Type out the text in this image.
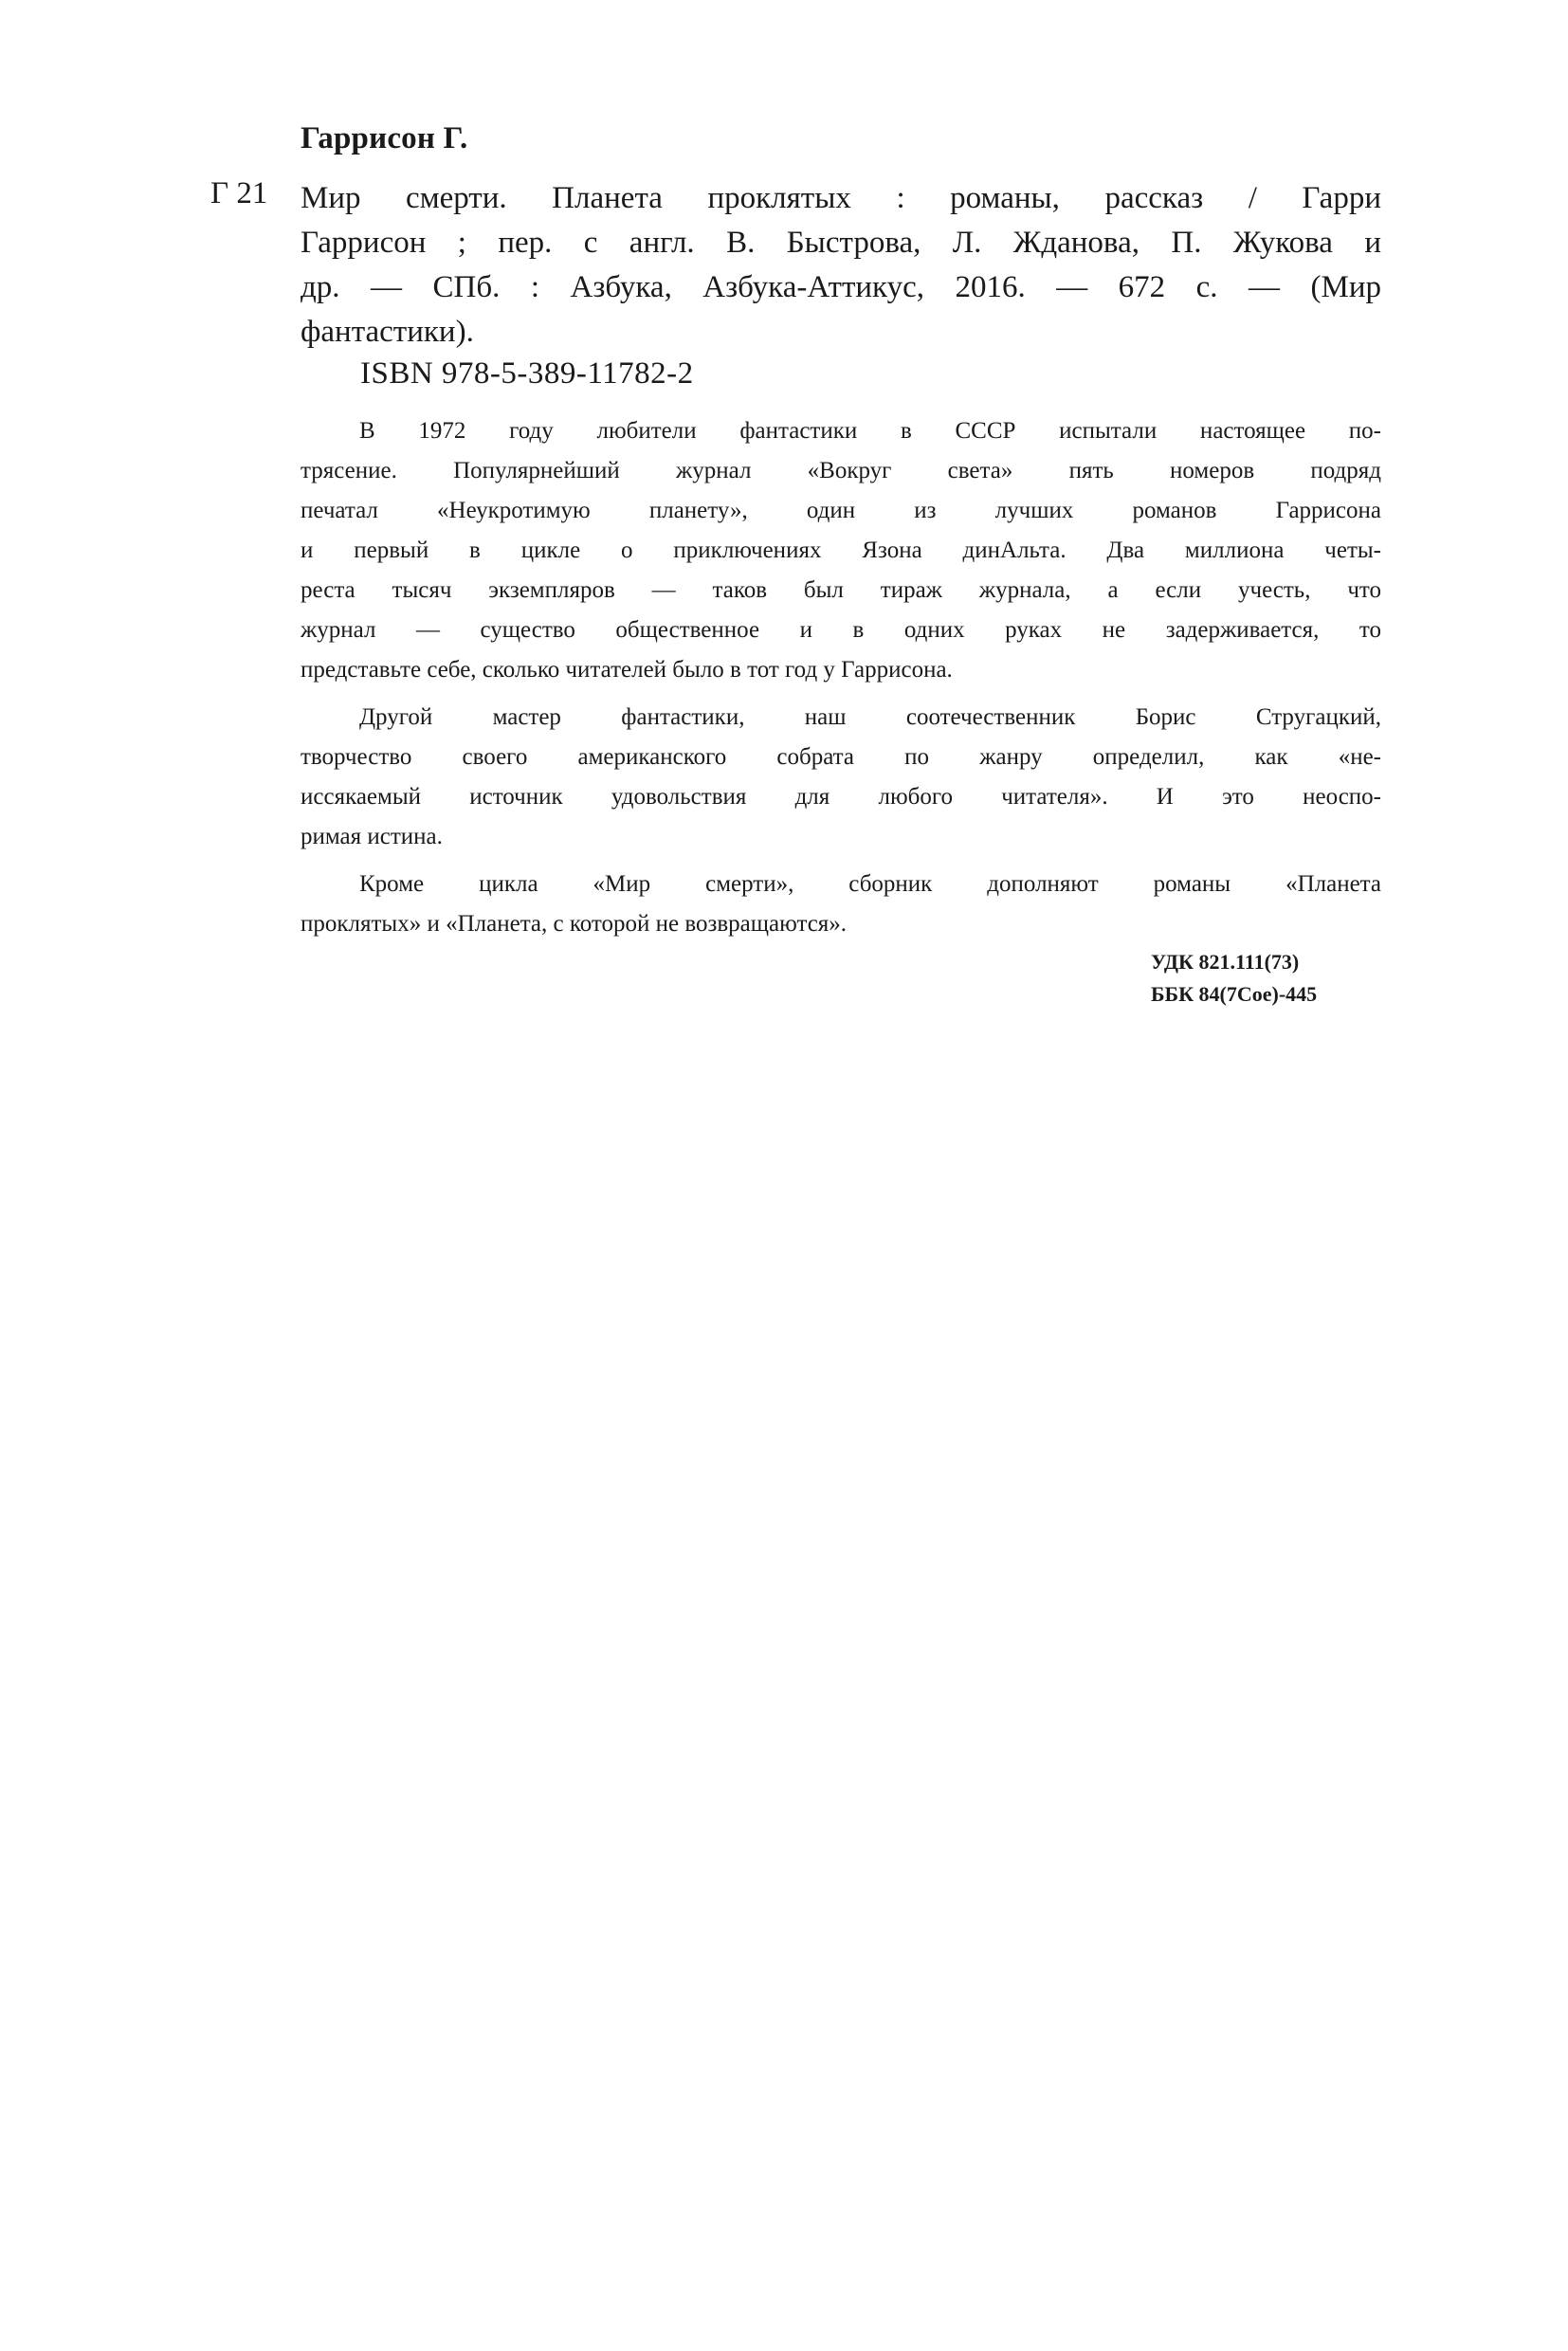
Гаррисон Г.
Г 21 Мир смерти. Планета проклятых : романы, рассказ / Гарри
Гаррисон ; пер. с англ. В. Быстрова, Л. Жданова, П. Жукова и
др. — СПб. : Азбука, Азбука-Аттикус, 2016. — 672 с. — (Мир
фантастики).
ISBN 978-5-389-11782-2
В 1972 году любители фантастики в СССР испытали настоящее по-
трясение. Популярнейший журнал «Вокруг света» пять номеров подряд
печатал «Неукротимую планету», один из лучших романов Гаррисона
и первый в цикле о приключениях Язона динАльта. Два миллиона четы-
реста тысяч экземпляров — таков был тираж журнала, а если учесть, что
журнал — существо общественное и в одних руках не задерживается, то
представьте себе, сколько читателей было в тот год у Гаррисона.
Другой мастер фантастики, наш соотечественник Борис Стругацкий,
творчество своего американского собрата по жанру определил, как «не-
иссякаемый источник удовольствия для любого читателя». И это неоспо-
римая истина.
Кроме цикла «Мир смерти», сборник дополняют романы «Планета
проклятых» и «Планета, с которой не возвращаются».
УДК 821.111(73)
ББК 84(7Сое)-445
